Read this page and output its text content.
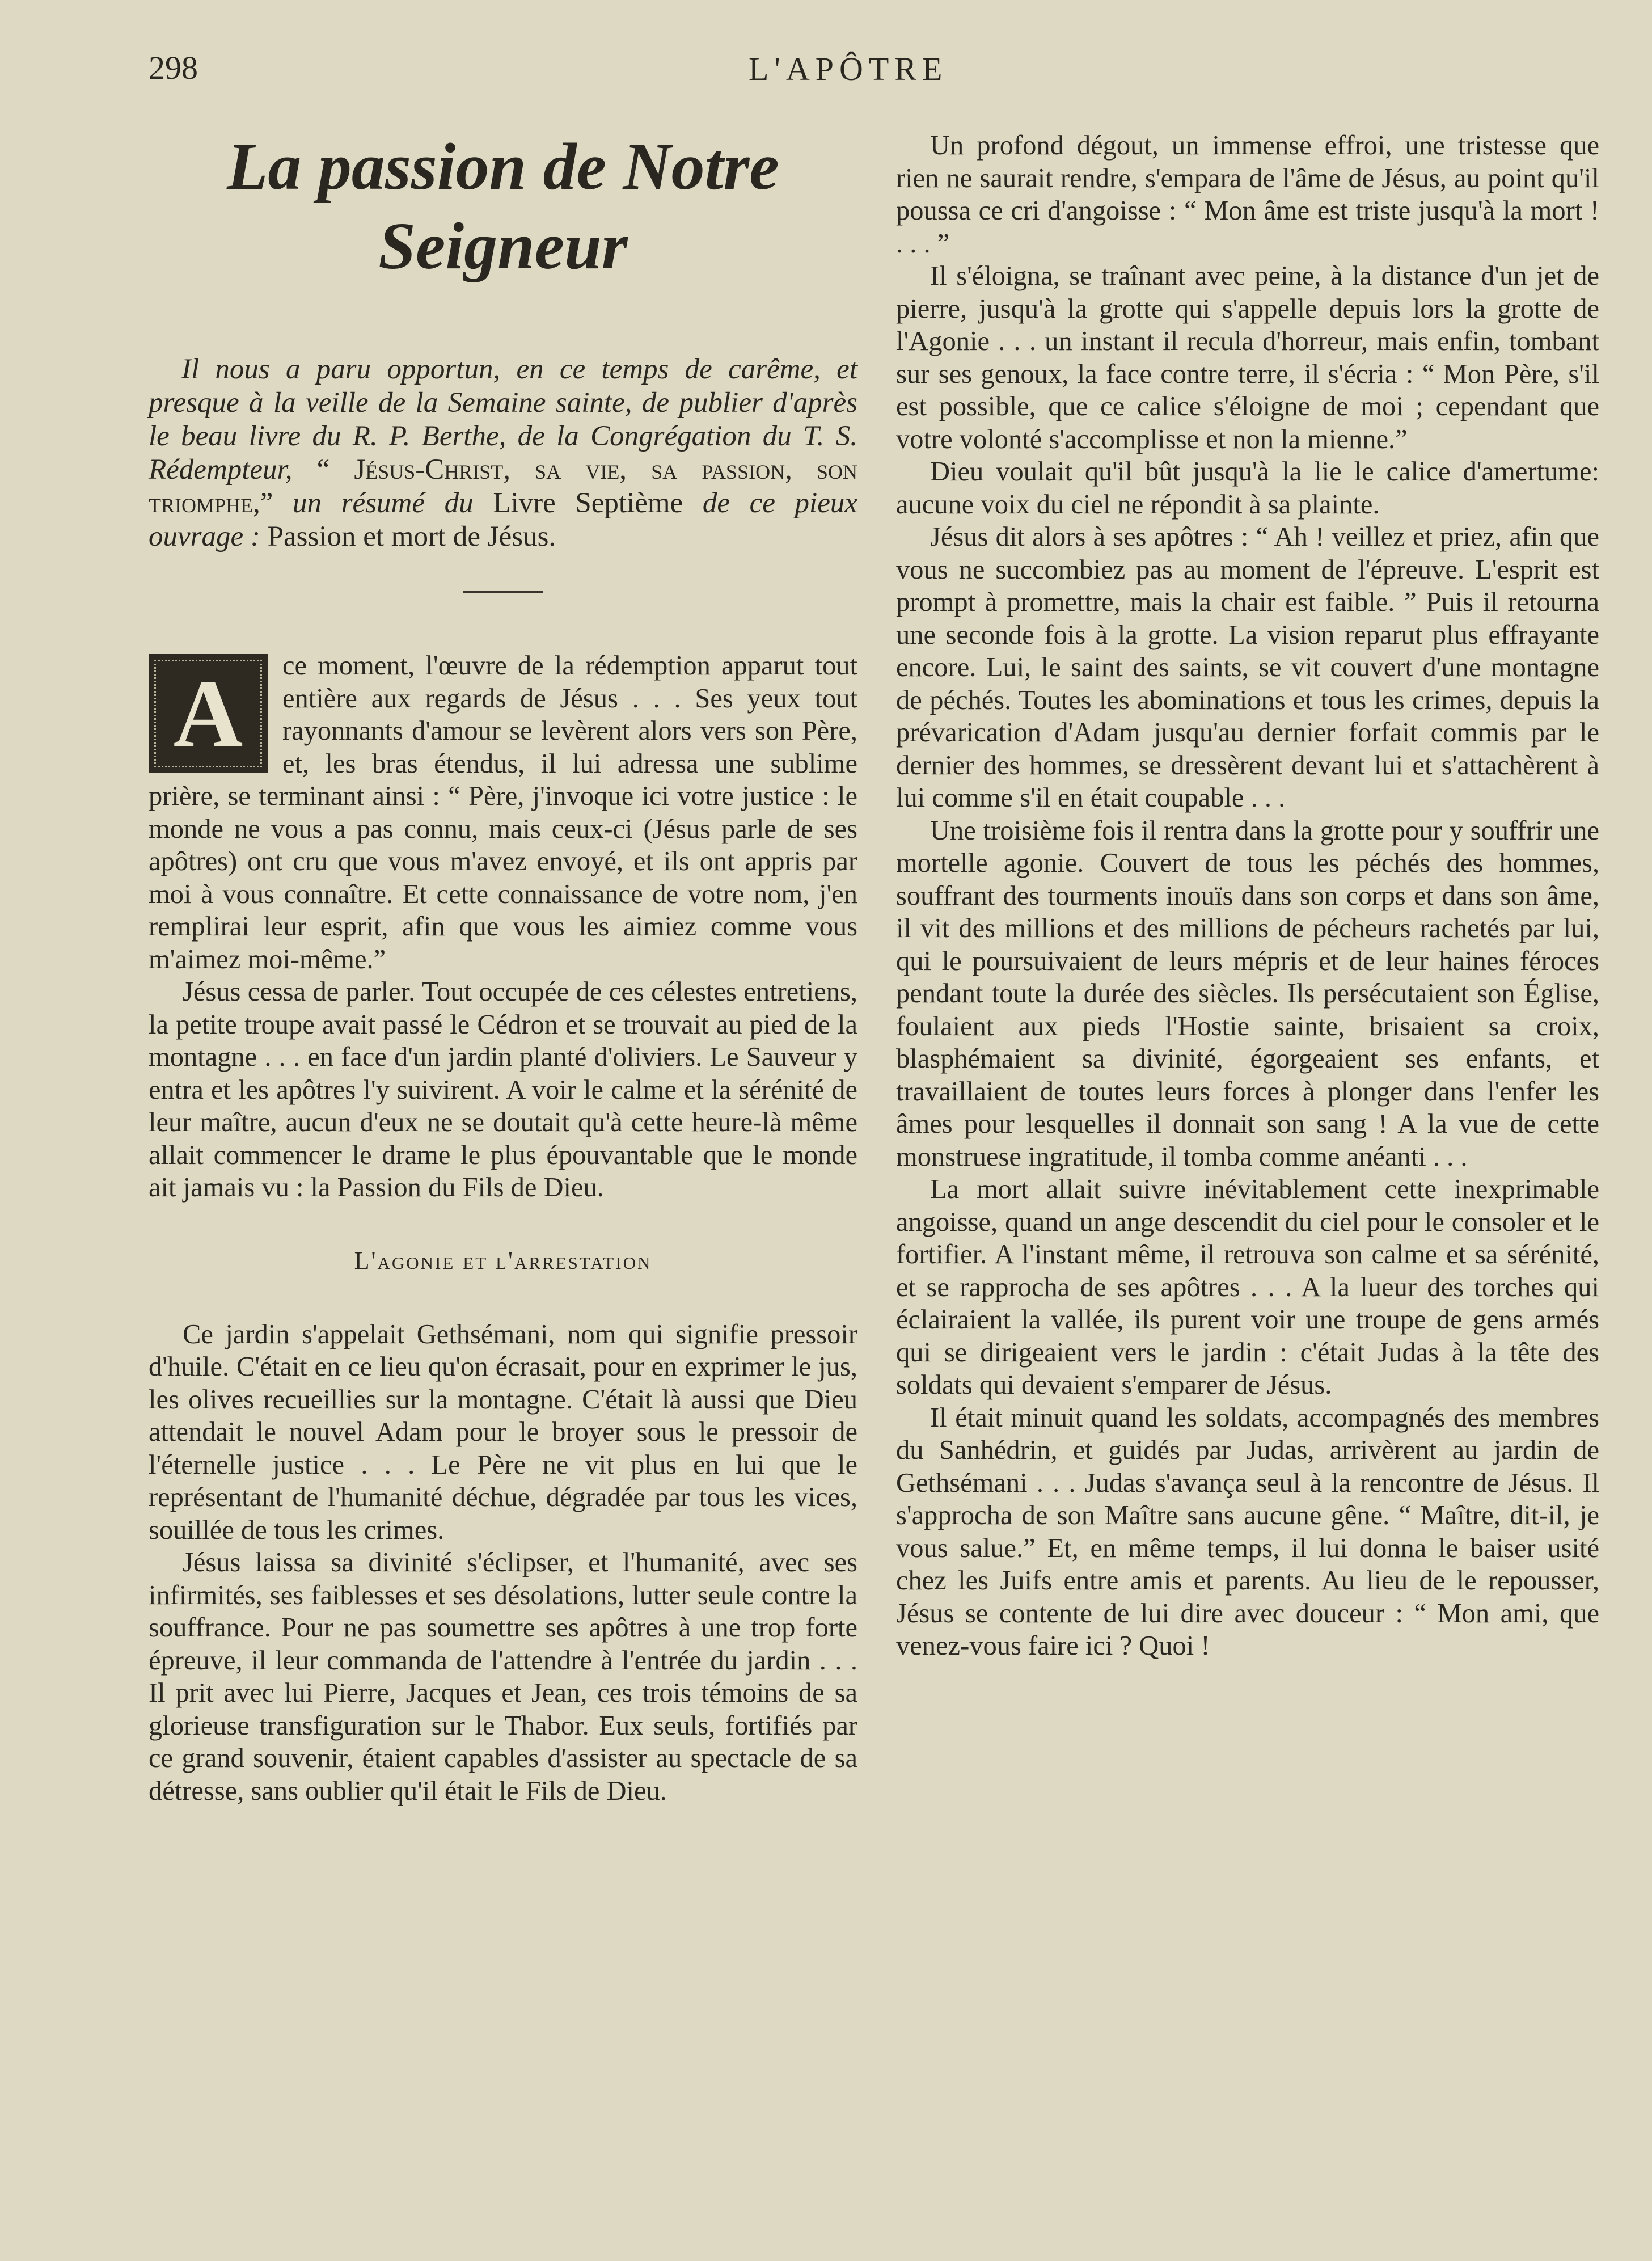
298	L'APÔTRE
La passion de Notre Seigneur

Il nous a paru opportun, en ce temps de carême, et presque à la veille de la Semaine sainte, de publier d'après le beau livre du R. P. Berthe, de la Congrégation du T. S. Rédempteur, “ Jésus-Christ, sa vie, sa passion, son triomphe,” un résumé du Livre Septième de ce pieux ouvrage : Passion et mort de Jésus.

A ce moment, l'œuvre de la rédemption apparut tout entière aux regards de Jésus . . . Ses yeux tout rayonnants d'amour se levèrent alors vers son Père, et, les bras étendus, il lui adressa une sublime prière, se terminant ainsi : “ Père, j'invoque ici votre justice : le monde ne vous a pas connu, mais ceux-ci (Jésus parle de ses apôtres) ont cru que vous m'avez envoyé, et ils ont appris par moi à vous connaître. Et cette connaissance de votre nom, j'en remplirai leur esprit, afin que vous les aimiez comme vous m'aimez moi-même.”

Jésus cessa de parler. Tout occupée de ces célestes entretiens, la petite troupe avait passé le Cédron et se trouvait au pied de la montagne . . . en face d'un jardin planté d'oliviers. Le Sauveur y entra et les apôtres l'y suivirent. A voir le calme et la sérénité de leur maître, aucun d'eux ne se doutait qu'à cette heure-là même allait commencer le drame le plus épouvantable que le monde ait jamais vu : la Passion du Fils de Dieu.

L'agonie et l'arrestation

Ce jardin s'appelait Gethsémani, nom qui signifie pressoir d'huile. C'était en ce lieu qu'on écrasait, pour en exprimer le jus, les olives recueillies sur la montagne. C'était là aussi que Dieu attendait le nouvel Adam pour le broyer sous le pressoir de l'éternelle justice . . . Le Père ne vit plus en lui que le représentant de l'humanité déchue, dégradée par tous les vices, souillée de tous les crimes.

Jésus laissa sa divinité s'éclipser, et l'humanité, avec ses infirmités, ses faiblesses et ses désolations, lutter seule contre la souffrance. Pour ne pas soumettre ses apôtres à une trop forte épreuve, il leur commanda de l'attendre à l'entrée du jardin . . . Il prit avec lui Pierre, Jacques et Jean, ces trois témoins de sa glorieuse transfiguration sur le Thabor. Eux seuls, fortifiés par ce grand souvenir, étaient capables d'assister au spectacle de sa détresse, sans oublier qu'il était le Fils de Dieu.

Un profond dégout, un immense effroi, une tristesse que rien ne saurait rendre, s'empara de l'âme de Jésus, au point qu'il poussa ce cri d'angoisse : “ Mon âme est triste jusqu'à la mort ! . . . ”

Il s'éloigna, se traînant avec peine, à la distance d'un jet de pierre, jusqu'à la grotte qui s'appelle depuis lors la grotte de l'Agonie . . . un instant il recula d'horreur, mais enfin, tombant sur ses genoux, la face contre terre, il s'écria : “ Mon Père, s'il est possible, que ce calice s'éloigne de moi ; cependant que votre volonté s'accomplisse et non la mienne.”

Dieu voulait qu'il bût jusqu'à la lie le calice d'amertume: aucune voix du ciel ne répondit à sa plainte.

Jésus dit alors à ses apôtres : “ Ah ! veillez et priez, afin que vous ne succombiez pas au moment de l'épreuve. L'esprit est prompt à promettre, mais la chair est faible. ” Puis il retourna une seconde fois à la grotte. La vision reparut plus effrayante encore. Lui, le saint des saints, se vit couvert d'une montagne de péchés. Toutes les abominations et tous les crimes, depuis la prévarication d'Adam jusqu'au dernier forfait commis par le dernier des hommes, se dressèrent devant lui et s'attachèrent à lui comme s'il en était coupable . . .

Une troisième fois il rentra dans la grotte pour y souffrir une mortelle agonie. Couvert de tous les péchés des hommes, souffrant des tourments inouïs dans son corps et dans son âme, il vit des millions et des millions de pécheurs rachetés par lui, qui le poursuivaient de leurs mépris et de leur haines féroces pendant toute la durée des siècles. Ils persécutaient son Église, foulaient aux pieds l'Hostie sainte, brisaient sa croix, blasphémaient sa divinité, égorgeaient ses enfants, et travaillaient de toutes leurs forces à plonger dans l'enfer les âmes pour lesquelles il donnait son sang ! A la vue de cette monstruese ingratitude, il tomba comme anéanti . . .

La mort allait suivre inévitablement cette inexprimable angoisse, quand un ange descendit du ciel pour le consoler et le fortifier. A l'instant même, il retrouva son calme et sa sérénité, et se rapprocha de ses apôtres . . . A la lueur des torches qui éclairaient la vallée, ils purent voir une troupe de gens armés qui se dirigeaient vers le jardin : c'était Judas à la tête des soldats qui devaient s'emparer de Jésus.

Il était minuit quand les soldats, accompagnés des membres du Sanhédrin, et guidés par Judas, arrivèrent au jardin de Gethsémani . . . Judas s'avança seul à la rencontre de Jésus. Il s'approcha de son Maître sans aucune gêne. “ Maître, dit-il, je vous salue.” Et, en même temps, il lui donna le baiser usité chez les Juifs entre amis et parents. Au lieu de le repousser, Jésus se contente de lui dire avec douceur : “ Mon ami, que venez-vous faire ici ? Quoi !
